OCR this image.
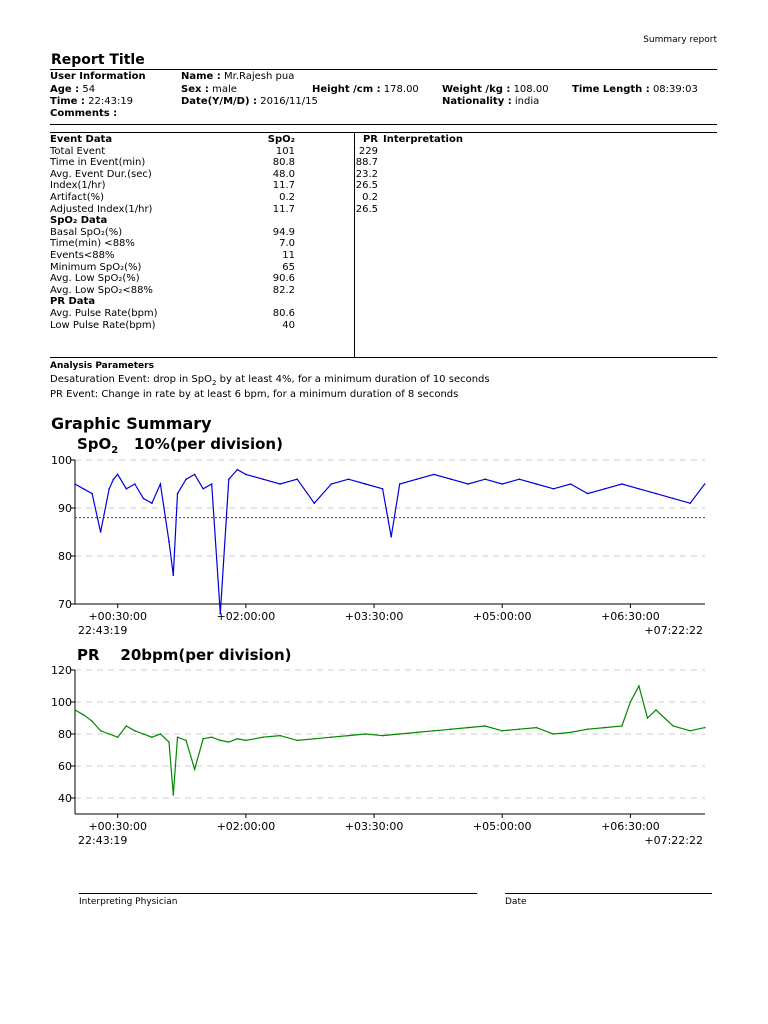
Summary report
Report Title
User Information
Age : 54
Time : 22:43:19
Comments :
Name : Mr.Rajesh pua
Sex : male
Date(Y/M/D) : 2016/11/15
Height /cm : 178.00 Weight /kg : 108.00
Nationality : india
Time Length : 08:39:03
Event Data	SpO₂	PR
Total Event	101	229
Time in Event(min)	80.8	88.7
Avg. Event Dur.(sec)	48.0	23.2
Index(1/hr)	11.7	26.5
Artifact(%)	0.2	0.2
Adjusted Index(1/hr)	11.7	26.5
SpO₂ Data		
Basal SpO₂(%)	94.9	
Time(min) <88%	7.0	
Events<88%	11	
Minimum SpO₂(%)	65	
Avg. Low SpO₂(%)	90.6	
Avg. Low SpO₂<88%	82.2	
PR Data		
Avg. Pulse Rate(bpm)	80.6	
Low Pulse Rate(bpm)	40	
Interpretation
Analysis Parameters
Desaturation Event: drop in SpO$_2$ by at least 4%, for a minimum duration of 10 seconds
PR Event: Change in rate by at least 6 bpm, for a minimum duration of 8 seconds
Graphic Summary
SpO$_2$   10%(per division)
100
90
80
70
+00:30:00	+02:00:00	+03:30:00	+05:00:00	+06:30:00
22:43:19	+07:22:22
PR    20bpm(per division)
120
100
80
60
40
+00:30:00	+02:00:00	+03:30:00	+05:00:00	+06:30:00
22:43:19	+07:22:22
Interpreting Physician	Date
